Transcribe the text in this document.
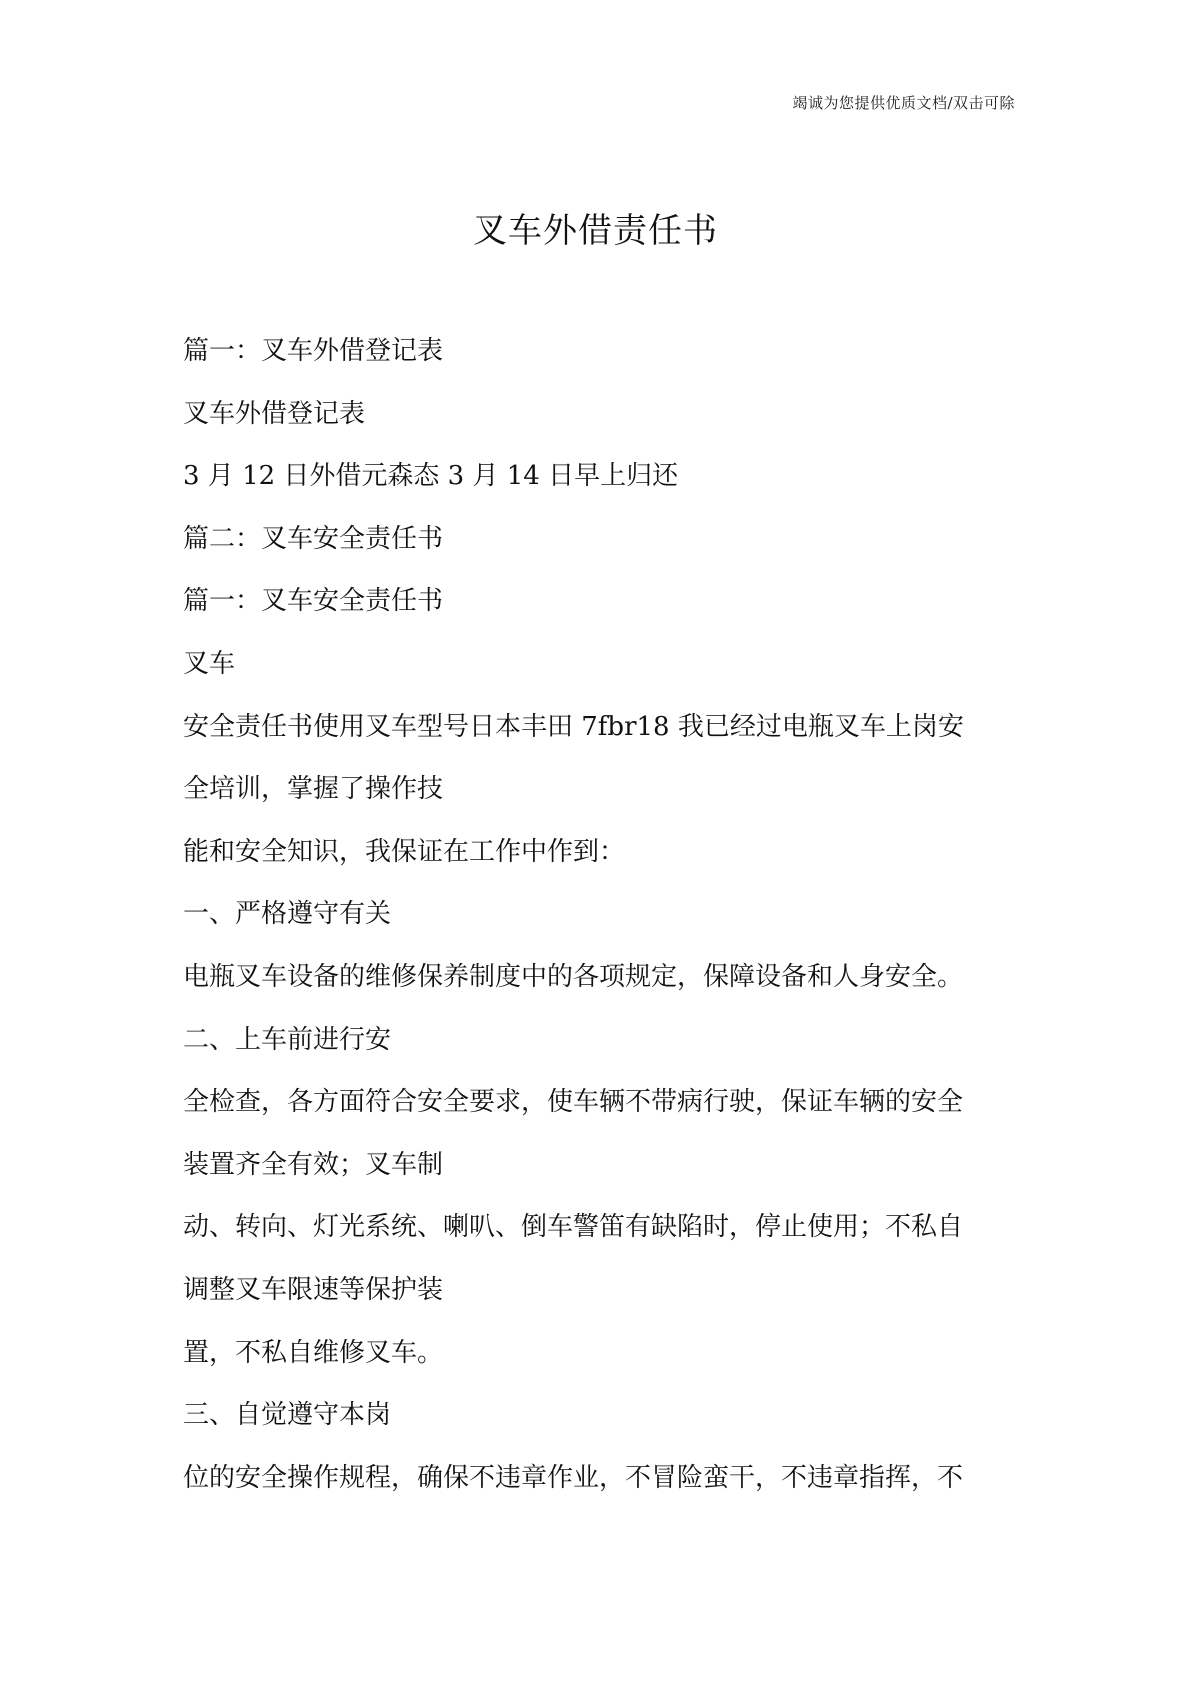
竭诚为您提供优质文档/双击可除
叉车外借责任书
篇一：叉车外借登记表
叉车外借登记表
3 月 12 日外借元森态 3 月 14 日早上归还
篇二：叉车安全责任书
篇一：叉车安全责任书
叉车
安全责任书使用叉车型号日本丰田 7fbr18 我已经过电瓶叉车上岗安
全培训，掌握了操作技
能和安全知识，我保证在工作中作到：
一、严格遵守有关
电瓶叉车设备的维修保养制度中的各项规定，保障设备和人身安全。
二、上车前进行安
全检查，各方面符合安全要求，使车辆不带病行驶，保证车辆的安全
装置齐全有效；叉车制
动、转向、灯光系统、喇叭、倒车警笛有缺陷时，停止使用；不私自
调整叉车限速等保护装
置，不私自维修叉车。
三、自觉遵守本岗
位的安全操作规程，确保不违章作业，不冒险蛮干，不违章指挥，不
